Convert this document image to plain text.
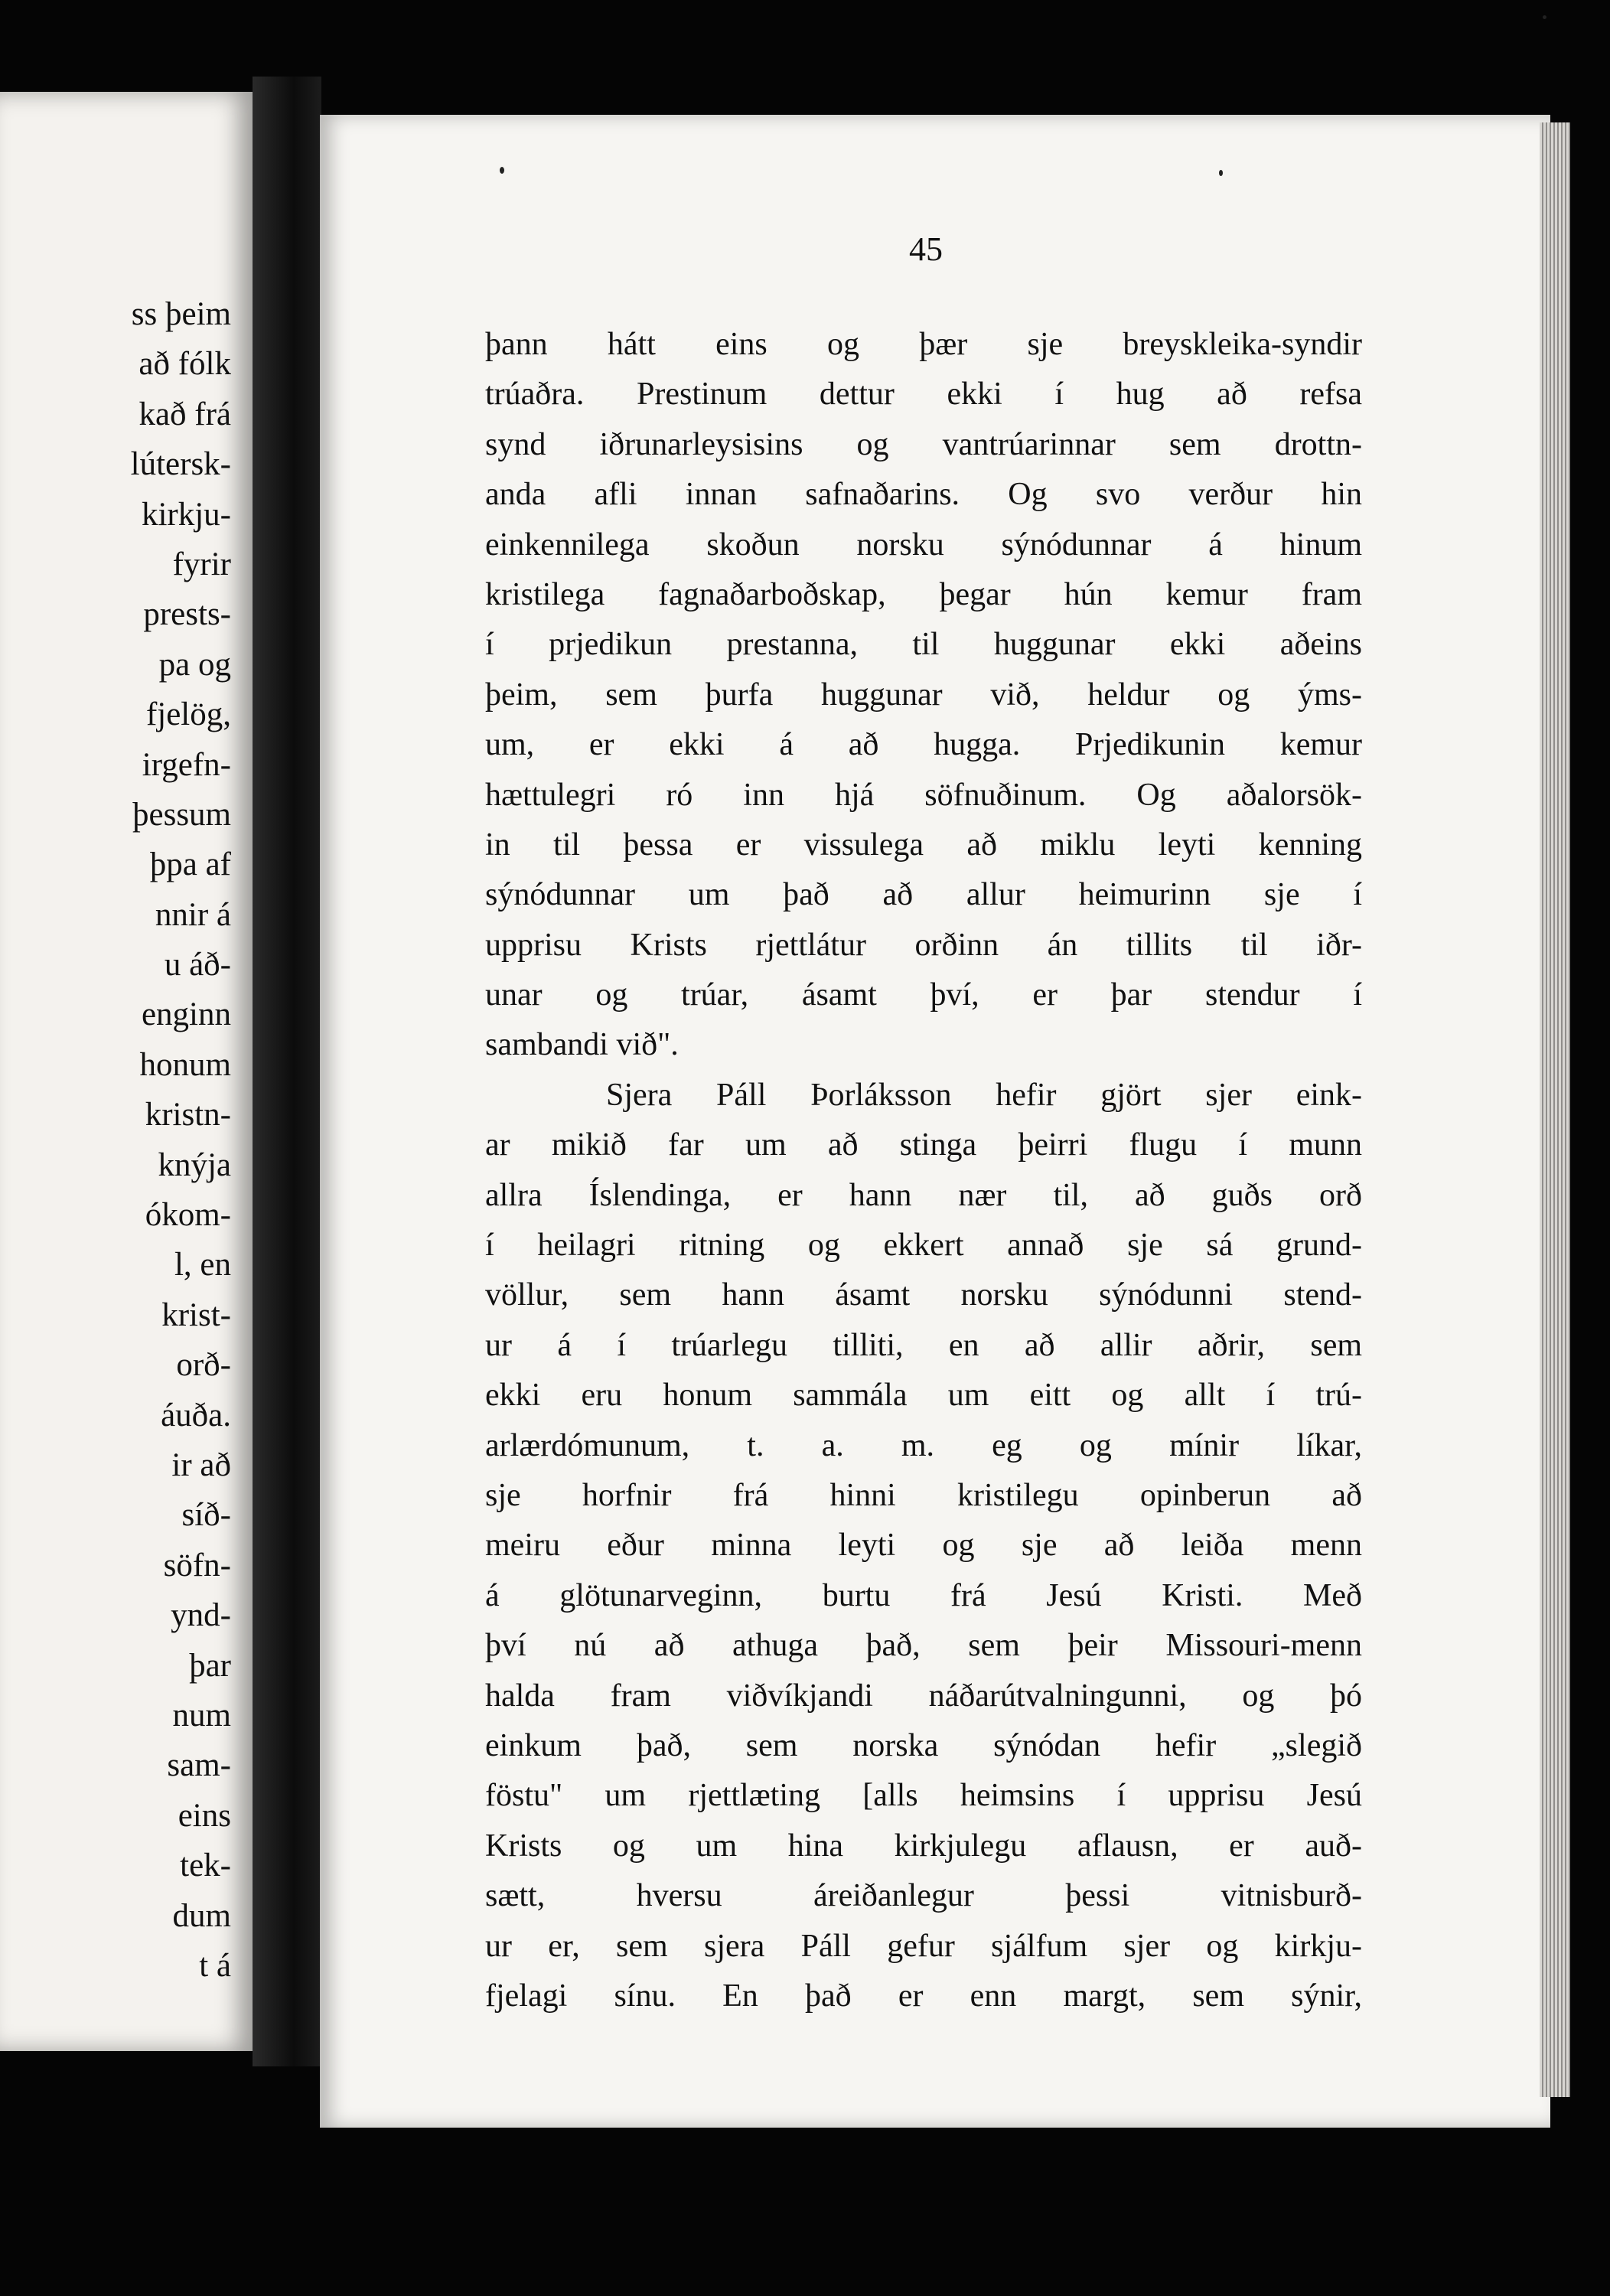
ss þeim
að fólk
kað frá
lútersk-
kirkju-
fyrir
prests-
pa og
fjelög,
irgefn-
þessum
þpa af
nnir á
u áð-
enginn
honum
kristn-
knýja
ókom-
l, en
krist-
orð-
áuða.
ir að
síð-
söfn-
ynd-
þar
num
sam-
eins
tek-
dum
t á
45
þann hátt eins og þær sje breyskleika-syndir
trúaðra. Prestinum dettur ekki í hug að refsa
synd iðrunarleysisins og vantrúarinnar sem drottn-
anda afli innan safnaðarins. Og svo verður hin
einkennilega skoðun norsku sýnódunnar á hinum
kristilega fagnaðarboðskap, þegar hún kemur fram
í prjedikun prestanna, til huggunar ekki aðeins
þeim, sem þurfa huggunar við, heldur og ýms-
um, er ekki á að hugga. Prjedikunin kemur
hættulegri ró inn hjá söfnuðinum. Og aðalorsök-
in til þessa er vissulega að miklu leyti kenning
sýnódunnar um það að allur heimurinn sje í
upprisu Krists rjettlátur orðinn án tillits til iðr-
unar og trúar, ásamt því, er þar stendur í
sambandi við".
Sjera Páll Þorláksson hefir gjört sjer eink-
ar mikið far um að stinga þeirri flugu í munn
allra Íslendinga, er hann nær til, að guðs orð
í heilagri ritning og ekkert annað sje sá grund-
völlur, sem hann ásamt norsku sýnódunni stend-
ur á í trúarlegu tilliti, en að allir aðrir, sem
ekki eru honum sammála um eitt og allt í trú-
arlærdómunum, t. a. m. eg og mínir líkar,
sje horfnir frá hinni kristilegu opinberun að
meiru eður minna leyti og sje að leiða menn
á glötunarveginn, burtu frá Jesú Kristi. Með
því nú að athuga það, sem þeir Missouri-menn
halda fram viðvíkjandi náðarútvalningunni, og þó
einkum það, sem norska sýnódan hefir „slegið
föstu" um rjettlæting [alls heimsins í upprisu Jesú
Krists og um hina kirkjulegu aflausn, er auð-
sætt, hversu áreiðanlegur þessi vitnisburð-
ur er, sem sjera Páll gefur sjálfum sjer og kirkju-
fjelagi sínu. En það er enn margt, sem sýnir,
